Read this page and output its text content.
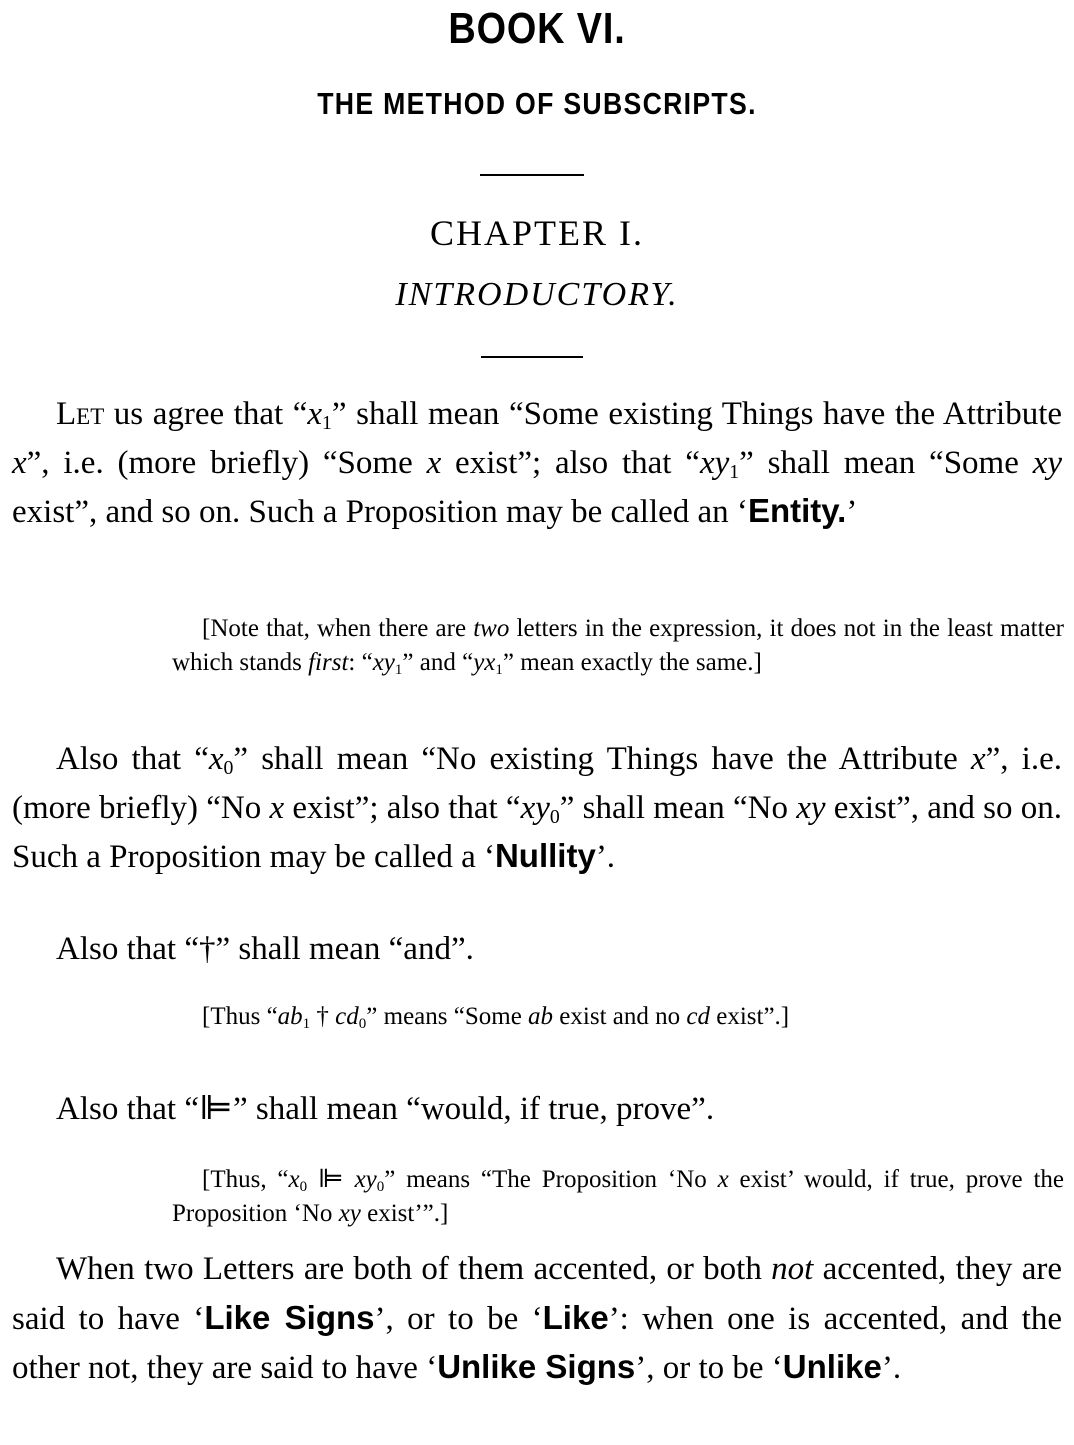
BOOK VI.
THE METHOD OF SUBSCRIPTS.
CHAPTER I.
INTRODUCTORY.

Let us agree that “$x_1$” shall mean “Some existing Things have the Attribute x”, i.e. (more briefly) “Some x exist”; also that “$xy_1$” shall mean “Some xy exist”, and so on. Such a Proposition may be called an ‘Entity.’

[Note that, when there are two letters in the expression, it does not in the least matter which stands first: “$xy_1$” and “$yx_1$” mean exactly the same.]

Also that “$x_0$” shall mean “No existing Things have the Attribute x”, i.e. (more briefly) “No x exist”; also that “$xy_0$” shall mean “No xy exist”, and so on. Such a Proposition may be called a ‘Nullity’.

Also that “†” shall mean “and”.

[Thus “$ab_1$ † $cd_0$” means “Some ab exist and no cd exist”.]

Also that “⊫” shall mean “would, if true, prove”.

[Thus, “$x_0$ ⊫ $xy_0$” means “The Proposition ‘No x exist’ would, if true, prove the Proposition ‘No xy exist’”.]

When two Letters are both of them accented, or both not accented, they are said to have ‘Like Signs’, or to be ‘Like’: when one is accented, and the other not, they are said to have ‘Unlike Signs’, or to be ‘Unlike’.
